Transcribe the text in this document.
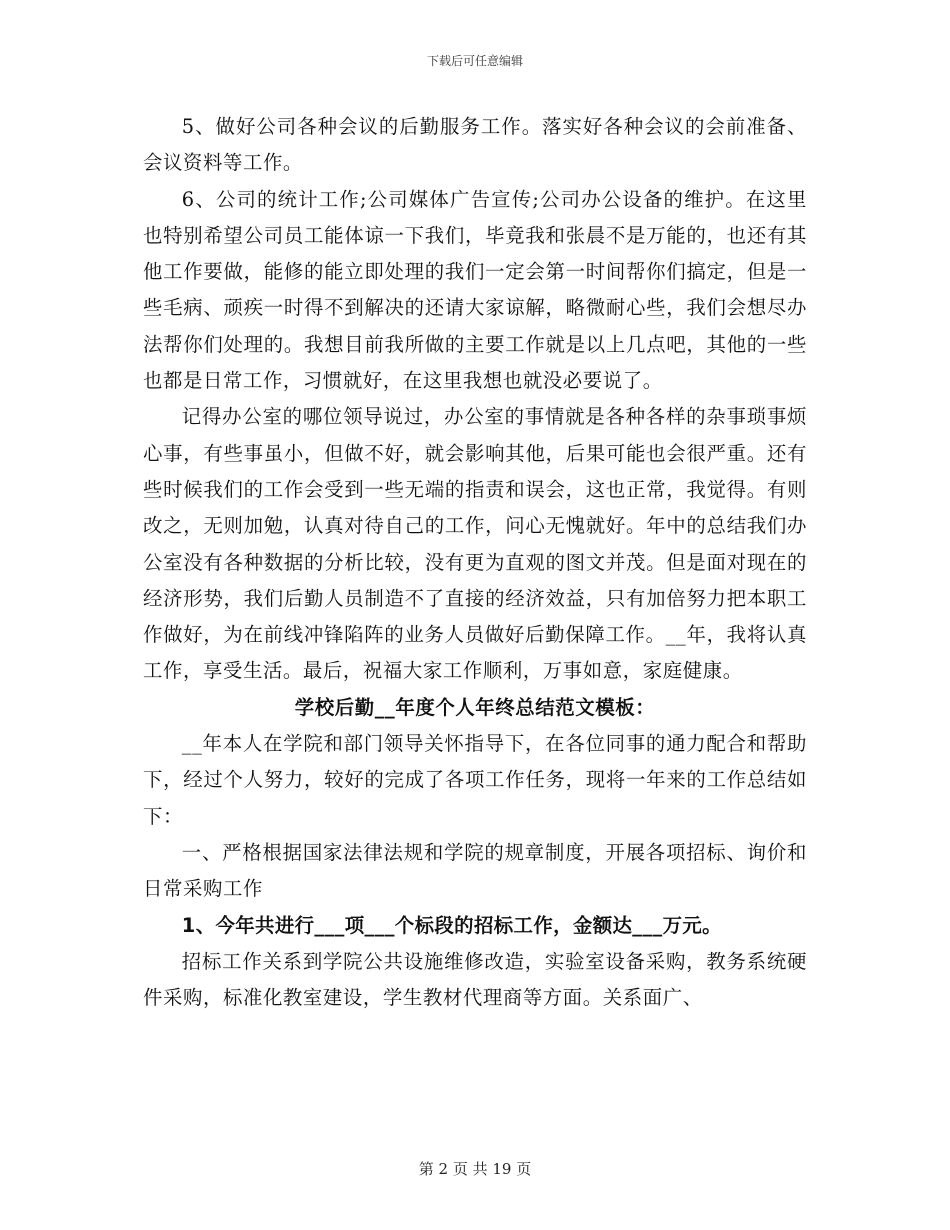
下载后可任意编辑

5、做好公司各种会议的后勤服务工作。落实好各种会议的会前准备、会议资料等工作。

6、公司的统计工作;公司媒体广告宣传;公司办公设备的维护。在这里也特别希望公司员工能体谅一下我们，毕竟我和张晨不是万能的，也还有其他工作要做，能修的能立即处理的我们一定会第一时间帮你们搞定，但是一些毛病、顽疾一时得不到解决的还请大家谅解，略微耐心些，我们会想尽办法帮你们处理的。我想目前我所做的主要工作就是以上几点吧，其他的一些也都是日常工作，习惯就好，在这里我想也就没必要说了。

记得办公室的哪位领导说过，办公室的事情就是各种各样的杂事琐事烦心事，有些事虽小，但做不好，就会影响其他，后果可能也会很严重。还有些时候我们的工作会受到一些无端的指责和误会，这也正常，我觉得。有则改之，无则加勉，认真对待自己的工作，问心无愧就好。年中的总结我们办公室没有各种数据的分析比较，没有更为直观的图文并茂。但是面对现在的经济形势，我们后勤人员制造不了直接的经济效益，只有加倍努力把本职工作做好，为在前线冲锋陷阵的业务人员做好后勤保障工作。__年，我将认真工作，享受生活。最后，祝福大家工作顺利，万事如意，家庭健康。

学校后勤__年度个人年终总结范文模板：

__年本人在学院和部门领导关怀指导下，在各位同事的通力配合和帮助下，经过个人努力，较好的完成了各项工作任务，现将一年来的工作总结如下：

一、严格根据国家法律法规和学院的规章制度，开展各项招标、询价和日常采购工作

1、今年共进行___项___个标段的招标工作，金额达___万元。

招标工作关系到学院公共设施维修改造，实验室设备采购，教务系统硬件采购，标准化教室建设，学生教材代理商等方面。关系面广、

第 2 页 共 19 页
